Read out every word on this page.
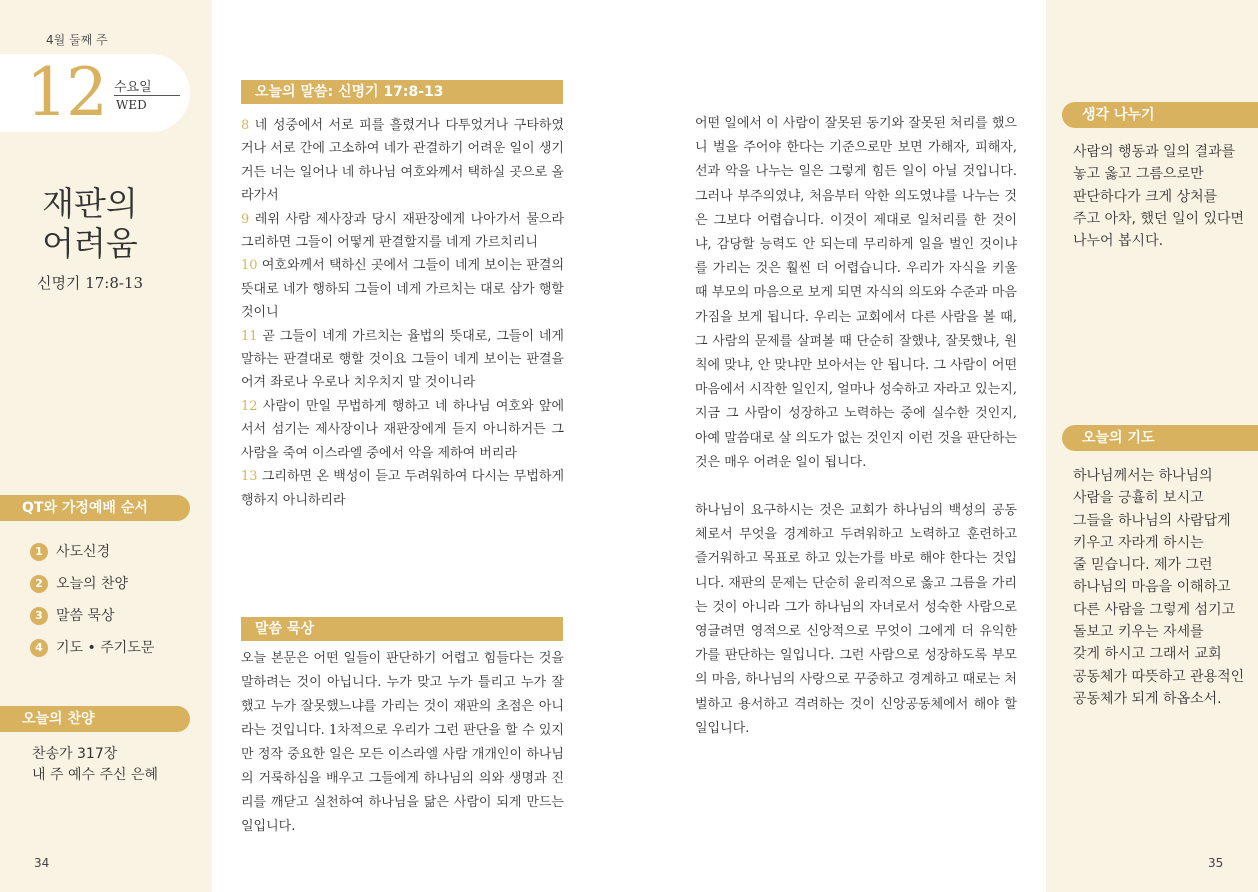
4월 둘째 주
12 수요일
WED
재판의
어려움
신명기 17:8-13
QT와 가정예배 순서
1 사도신경
2 오늘의 찬양
3 말씀 묵상
4 기도 • 주기도문
오늘의 찬양
찬송가 317장
내 주 예수 주신 은혜
34
오늘의 말씀: 신명기 17:8-13
8 네 성중에서 서로 피를 흘렸거나 다투었거나 구타하였거나 서로 간에 고소하여 네가 관결하기 어려운 일이 생기거든 너는 일어나 네 하나님 여호와께서 택하실 곳으로 올라가서
9 레위 사람 제사장과 당시 재판장에게 나아가서 물으라 그리하면 그들이 어떻게 판결할지를 네게 가르치리니
10 여호와께서 택하신 곳에서 그들이 네게 보이는 판결의 뜻대로 네가 행하되 그들이 네게 가르치는 대로 삼가 행할 것이니
11 곧 그들이 네게 가르치는 율법의 뜻대로, 그들이 네게 말하는 판결대로 행할 것이요 그들이 네게 보이는 판결을 어겨 좌로나 우로나 치우치지 말 것이니라
12 사람이 만일 무법하게 행하고 네 하나님 여호와 앞에 서서 섬기는 제사장이나 재판장에게 듣지 아니하거든 그 사람을 죽여 이스라엘 중에서 악을 제하여 버리라
13 그리하면 온 백성이 듣고 두려워하여 다시는 무법하게 행하지 아니하리라
말씀 묵상
오늘 본문은 어떤 일들이 판단하기 어렵고 힘들다는 것을 말하려는 것이 아닙니다. 누가 맞고 누가 틀리고 누가 잘했고 누가 잘못했느냐를 가리는 것이 재판의 초점은 아니라는 것입니다. 1차적으로 우리가 그런 판단을 할 수 있지만 정작 중요한 일은 모든 이스라엘 사람 개개인이 하나님의 거룩하심을 배우고 그들에게 하나님의 의와 생명과 진리를 깨닫고 실천하여 하나님을 닮은 사람이 되게 만드는 일입니다.

어떤 일에서 이 사람이 잘못된 동기와 잘못된 처리를 했으니 벌을 주어야 한다는 기준으로만 보면 가해자, 피해자, 선과 악을 나누는 일은 그렇게 힘든 일이 아닐 것입니다. 그러나 부주의였냐, 처음부터 악한 의도였냐를 나누는 것은 그보다 어렵습니다. 이것이 제대로 일처리를 한 것이냐, 감당할 능력도 안 되는데 무리하게 일을 벌인 것이냐를 가리는 것은 훨씬 더 어렵습니다. 우리가 자식을 키울 때 부모의 마음으로 보게 되면 자식의 의도와 수준과 마음 가짐을 보게 됩니다. 우리는 교회에서 다른 사람을 볼 때, 그 사람의 문제를 살펴볼 때 단순히 잘했냐, 잘못했냐, 원칙에 맞냐, 안 맞냐만 보아서는 안 됩니다. 그 사람이 어떤 마음에서 시작한 일인지, 얼마나 성숙하고 자라고 있는지, 지금 그 사람이 성장하고 노력하는 중에 실수한 것인지, 아예 말씀대로 살 의도가 없는 것인지 이런 것을 판단하는 것은 매우 어려운 일이 됩니다.

하나님이 요구하시는 것은 교회가 하나님의 백성의 공동체로서 무엇을 경계하고 두려워하고 노력하고 훈련하고 즐거워하고 목표로 하고 있는가를 바로 해야 한다는 것입니다. 재판의 문제는 단순히 윤리적으로 옳고 그름을 가리는 것이 아니라 그가 하나님의 자녀로서 성숙한 사람으로 영글려면 영적으로 신앙적으로 무엇이 그에게 더 유익한가를 판단하는 일입니다. 그런 사람으로 성장하도록 부모의 마음, 하나님의 사랑으로 꾸중하고 경계하고 때로는 처벌하고 용서하고 격려하는 것이 신앙공동체에서 해야 할 일입니다.

생각 나누기
사람의 행동과 일의 결과를
놓고 옳고 그름으로만
판단하다가 크게 상처를
주고 아차, 했던 일이 있다면
나누어 봅시다.
오늘의 기도
하나님께서는 하나님의
사람을 긍휼히 보시고
그들을 하나님의 사람답게
키우고 자라게 하시는
줄 믿습니다. 제가 그런
하나님의 마음을 이해하고
다른 사람을 그렇게 섬기고
돌보고 키우는 자세를
갖게 하시고 그래서 교회
공동체가 따뜻하고 관용적인
공동체가 되게 하옵소서.
35
